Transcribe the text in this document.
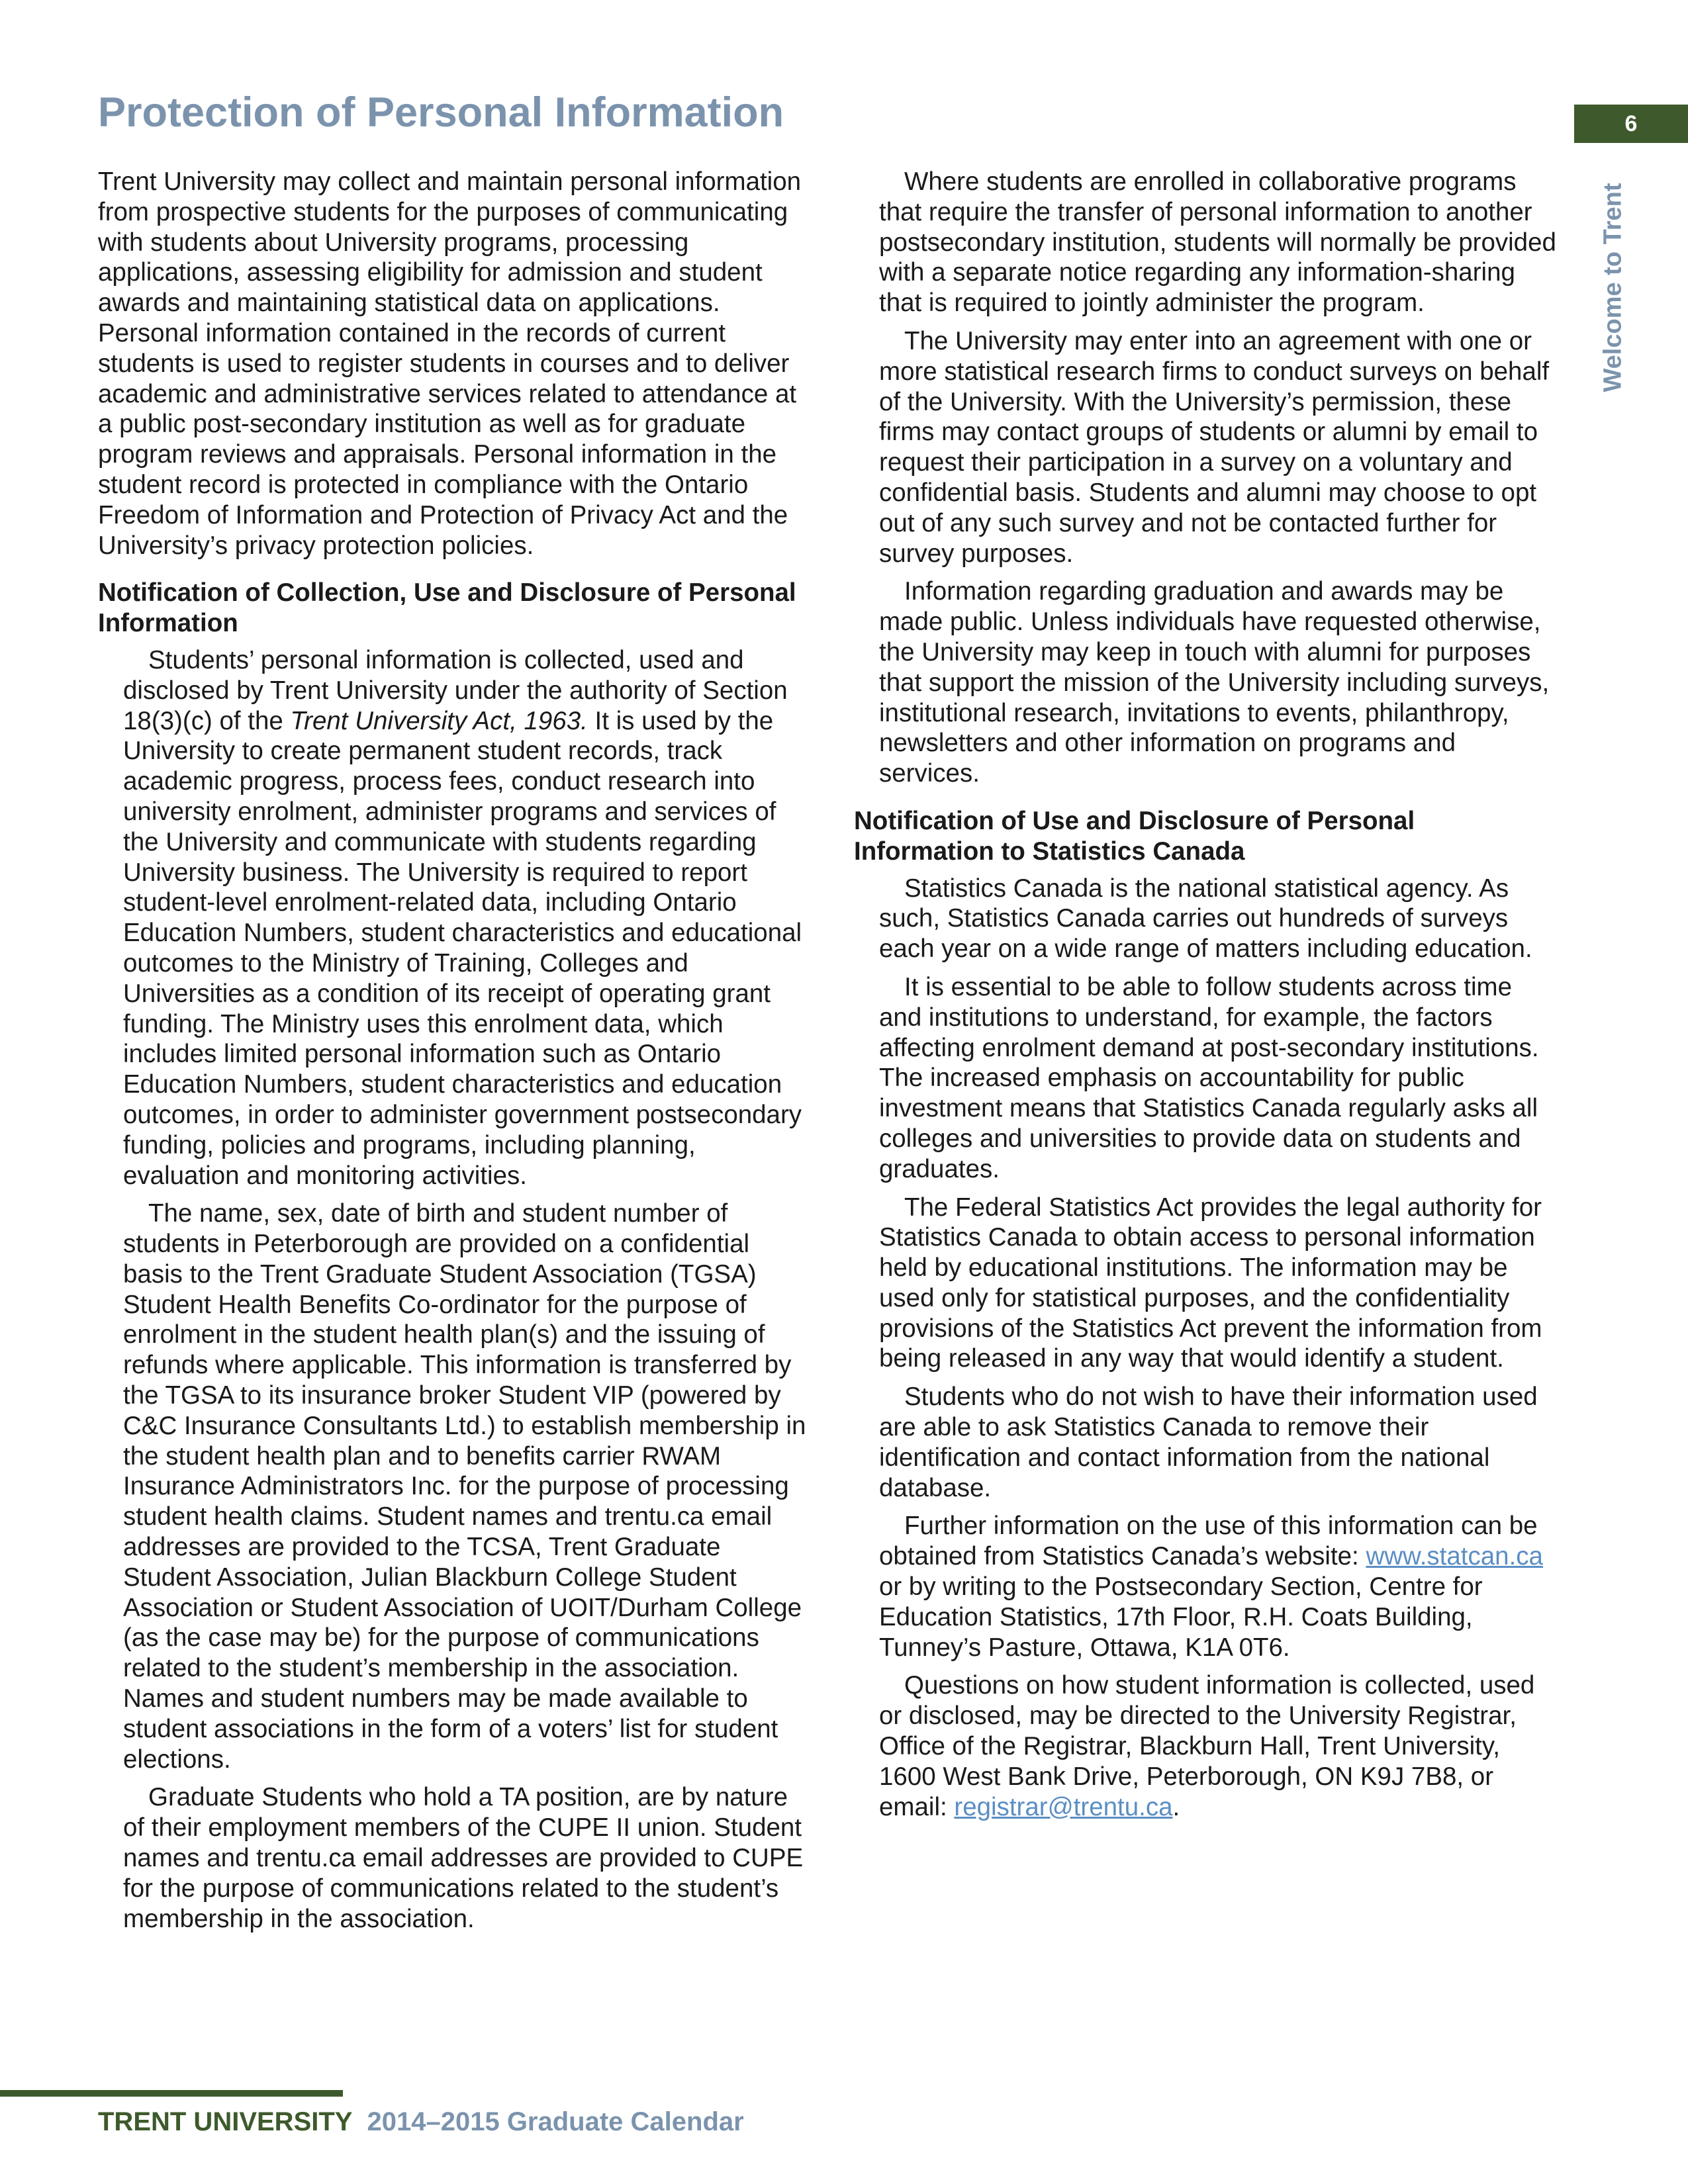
Protection of Personal Information	6
Welcome to Trent

Trent University may collect and maintain personal information from prospective students for the purposes of communicating with students about University programs, processing applications, assessing eligibility for admission and student awards and maintaining statistical data on applications. Personal information contained in the records of current students is used to register students in courses and to deliver academic and administrative services related to attendance at a public post-secondary institution as well as for graduate program reviews and appraisals. Personal information in the student record is protected in compliance with the Ontario Freedom of Information and Protection of Privacy Act and the University’s privacy protection policies.

Notification of Collection, Use and Disclosure of Personal Information

Students’ personal information is collected, used and disclosed by Trent University under the authority of Section 18(3)(c) of the Trent University Act, 1963. It is used by the University to create permanent student records, track academic progress, process fees, conduct research into university enrolment, administer programs and services of the University and communicate with students regarding University business. The University is required to report student-level enrolment-related data, including Ontario Education Numbers, student characteristics and educational outcomes to the Ministry of Training, Colleges and Universities as a condition of its receipt of operating grant funding. The Ministry uses this enrolment data, which includes limited personal information such as Ontario Education Numbers, student characteristics and education outcomes, in order to administer government postsecondary funding, policies and programs, including planning, evaluation and monitoring activities.

The name, sex, date of birth and student number of students in Peterborough are provided on a confidential basis to the Trent Graduate Student Association (TGSA) Student Health Benefits Co-ordinator for the purpose of enrolment in the student health plan(s) and the issuing of refunds where applicable. This information is transferred by the TGSA to its insurance broker Student VIP (powered by C&C Insurance Consultants Ltd.) to establish membership in the student health plan and to benefits carrier RWAM Insurance Administrators Inc. for the purpose of processing student health claims. Student names and trentu.ca email addresses are provided to the TCSA, Trent Graduate Student Association, Julian Blackburn College Student Association or Student Association of UOIT/Durham College (as the case may be) for the purpose of communications related to the student’s membership in the association. Names and student numbers may be made available to student associations in the form of a voters’ list for student elections.

Graduate Students who hold a TA position, are by nature of their employment members of the CUPE II union. Student names and trentu.ca email addresses are provided to CUPE for the purpose of communications related to the student’s membership in the association.

Where students are enrolled in collaborative programs that require the transfer of personal information to another postsecondary institution, students will normally be provided with a separate notice regarding any information-sharing that is required to jointly administer the program.

The University may enter into an agreement with one or more statistical research firms to conduct surveys on behalf of the University. With the University’s permission, these firms may contact groups of students or alumni by email to request their participation in a survey on a voluntary and confidential basis. Students and alumni may choose to opt out of any such survey and not be contacted further for survey purposes.

Information regarding graduation and awards may be made public. Unless individuals have requested otherwise, the University may keep in touch with alumni for purposes that support the mission of the University including surveys, institutional research, invitations to events, philanthropy, newsletters and other information on programs and services.

Notification of Use and Disclosure of Personal Information to Statistics Canada

Statistics Canada is the national statistical agency. As such, Statistics Canada carries out hundreds of surveys each year on a wide range of matters including education.

It is essential to be able to follow students across time and institutions to understand, for example, the factors affecting enrolment demand at post-secondary institutions. The increased emphasis on accountability for public investment means that Statistics Canada regularly asks all colleges and universities to provide data on students and graduates.

The Federal Statistics Act provides the legal authority for Statistics Canada to obtain access to personal information held by educational institutions. The information may be used only for statistical purposes, and the confidentiality provisions of the Statistics Act prevent the information from being released in any way that would identify a student.

Students who do not wish to have their information used are able to ask Statistics Canada to remove their identification and contact information from the national database.

Further information on the use of this information can be obtained from Statistics Canada’s website: www.statcan.ca or by writing to the Postsecondary Section, Centre for Education Statistics, 17th Floor, R.H. Coats Building, Tunney’s Pasture, Ottawa, K1A 0T6.

Questions on how student information is collected, used or disclosed, may be directed to the University Registrar, Office of the Registrar, Blackburn Hall, Trent University, 1600 West Bank Drive, Peterborough, ON K9J 7B8, or email: registrar@trentu.ca.

TRENT UNIVERSITY 2014–2015 Graduate Calendar
